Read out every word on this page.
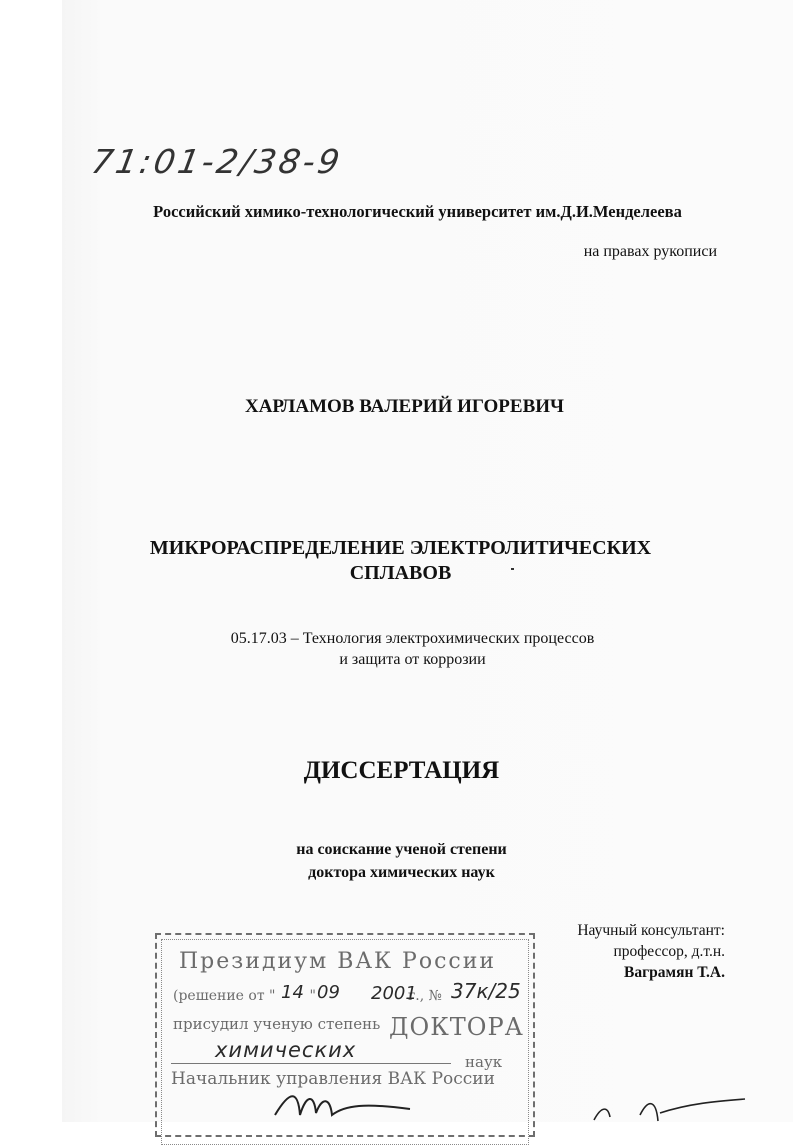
71:01-2/38-9
Российский химико-технологический университет им.Д.И.Менделеева
на правах рукописи
ХАРЛАМОВ ВАЛЕРИЙ ИГОРЕВИЧ
МИКРОРАСПРЕДЕЛЕНИЕ ЭЛЕКТРОЛИТИЧЕСКИХ
СПЛАВОВ
05.17.03 – Технология электрохимических процессов
и защита от коррозии
ДИССЕРТАЦИЯ
на соискание ученой степени
доктора химических наук
Научный консультант:
профессор, д.т.н.
Ваграмян Т.А.
Президиум ВАК России
(решение от " "	г., №
14 09 2001 37к/25
присудил ученую степень ДОКТОРА
химических	наук
Начальник управления ВАК России
